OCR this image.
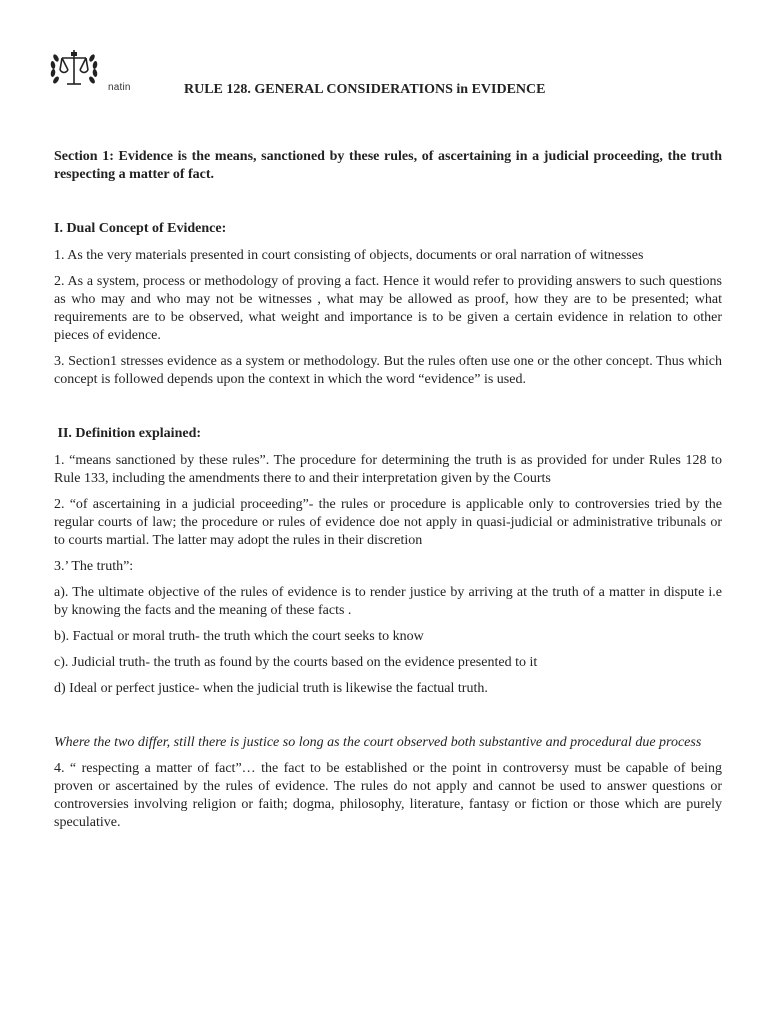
natin	RULE 128. GENERAL CONSIDERATIONS in EVIDENCE

Section 1: Evidence is the means, sanctioned by these rules, of ascertaining in a judicial proceeding, the truth respecting a matter of fact.

I. Dual Concept of Evidence:

1. As the very materials presented in court consisting of objects, documents or oral narration of witnesses

2. As a system, process or methodology of proving a fact. Hence it would refer to providing answers to such questions as who may and who may not be witnesses , what may be allowed as proof, how they are to be presented; what requirements are to be observed, what weight and importance is to be given a certain evidence in relation to other pieces of evidence.

3. Section1 stresses evidence as a system or methodology. But the rules often use one or the other concept. Thus which concept is followed depends upon the context in which the word “evidence” is used.

II. Definition explained:

1. “means sanctioned by these rules”. The procedure for determining the truth is as provided for under Rules 128 to Rule 133, including the amendments there to and their interpretation given by the Courts

2. “of ascertaining in a judicial proceeding”- the rules or procedure is applicable only to controversies tried by the regular courts of law; the procedure or rules of evidence doe not apply in quasi-judicial or administrative tribunals or to courts martial. The latter may adopt the rules in their discretion

3.’ The truth”:

a). The ultimate objective of the rules of evidence is to render justice by arriving at the truth of a matter in dispute i.e by knowing the facts and the meaning of these facts .

b). Factual or moral truth- the truth which the court seeks to know

c). Judicial truth- the truth as found by the courts based on the evidence presented to it

d) Ideal or perfect justice- when the judicial truth is likewise the factual truth.

Where the two differ, still there is justice so long as the court observed both substantive and procedural due process

4. “ respecting a matter of fact”… the fact to be established or the point in controversy must be capable of being proven or ascertained by the rules of evidence. The rules do not apply and cannot be used to answer questions or controversies involving religion or faith; dogma, philosophy, literature, fantasy or fiction or those which are purely speculative.
